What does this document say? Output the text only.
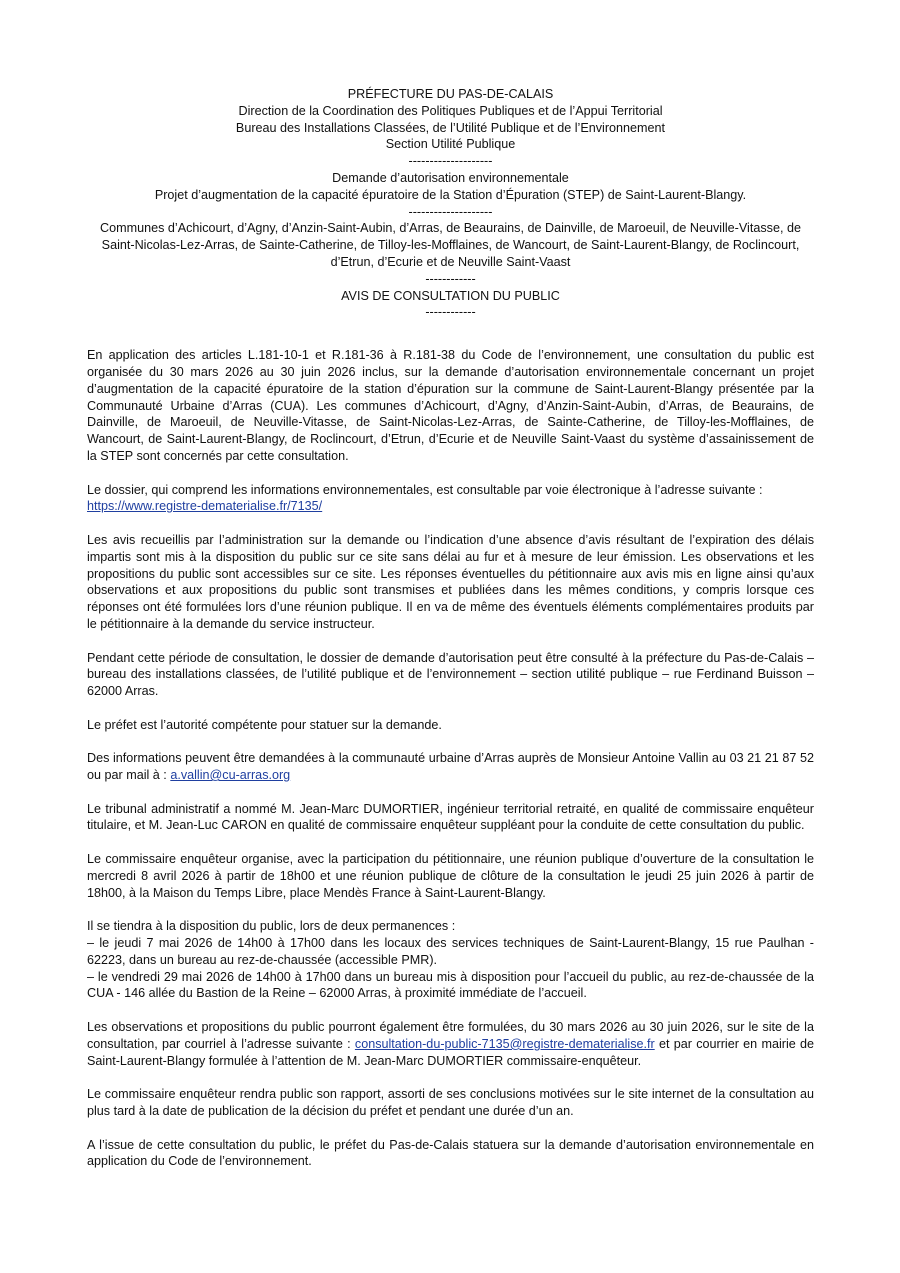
PRÉFECTURE DU PAS-DE-CALAIS
Direction de la Coordination des Politiques Publiques et de l’Appui Territorial
Bureau des Installations Classées, de l’Utilité Publique et de l’Environnement
Section Utilité Publique
--------------------
Demande d’autorisation environnementale
Projet d’augmentation de la capacité épuratoire de la Station d’Épuration (STEP) de Saint-Laurent-Blangy.
--------------------
Communes d’Achicourt, d’Agny, d’Anzin-Saint-Aubin, d’Arras, de Beaurains, de Dainville, de Maroeuil, de Neuville-Vitasse, de Saint-Nicolas-Lez-Arras, de Sainte-Catherine, de Tilloy-les-Mofflaines, de Wancourt, de Saint-Laurent-Blangy, de Roclincourt, d’Etrun, d’Ecurie et de Neuville Saint-Vaast
------------
AVIS DE CONSULTATION DU PUBLIC
------------

En application des articles L.181-10-1 et R.181-36 à R.181-38 du Code de l’environnement, une consultation du public est organisée du 30 mars 2026 au 30 juin 2026 inclus, sur la demande d’autorisation environnementale concernant un projet d’augmentation de la capacité épuratoire de la station d’épuration sur la commune de Saint-Laurent-Blangy présentée par la Communauté Urbaine d’Arras (CUA). Les communes d’Achicourt, d’Agny, d’Anzin-Saint-Aubin, d’Arras, de Beaurains, de Dainville, de Maroeuil, de Neuville-Vitasse, de Saint-Nicolas-Lez-Arras, de Sainte-Catherine, de Tilloy-les-Mofflaines, de Wancourt, de Saint-Laurent-Blangy, de Roclincourt, d’Etrun, d’Ecurie et de Neuville Saint-Vaast du système d’assainissement de la STEP sont concernés par cette consultation.

Le dossier, qui comprend les informations environnementales, est consultable par voie électronique à l’adresse suivante :
https://www.registre-dematerialise.fr/7135/

Les avis recueillis par l’administration sur la demande ou l’indication d’une absence d’avis résultant de l’expiration des délais impartis sont mis à la disposition du public sur ce site sans délai au fur et à mesure de leur émission. Les observations et les propositions du public sont accessibles sur ce site. Les réponses éventuelles du pétitionnaire aux avis mis en ligne ainsi qu’aux observations et aux propositions du public sont transmises et publiées dans les mêmes conditions, y compris lorsque ces réponses ont été formulées lors d’une réunion publique. Il en va de même des éventuels éléments complémentaires produits par le pétitionnaire à la demande du service instructeur.

Pendant cette période de consultation, le dossier de demande d’autorisation peut être consulté à la préfecture du Pas-de-Calais – bureau des installations classées, de l’utilité publique et de l’environnement – section utilité publique – rue Ferdinand Buisson – 62000 Arras.

Le préfet est l’autorité compétente pour statuer sur la demande.

Des informations peuvent être demandées à la communauté urbaine d’Arras auprès de Monsieur Antoine Vallin au 03 21 21 87 52 ou par mail à : a.vallin@cu-arras.org

Le tribunal administratif a nommé M. Jean-Marc DUMORTIER, ingénieur territorial retraité, en qualité de commissaire enquêteur titulaire, et M. Jean-Luc CARON en qualité de commissaire enquêteur suppléant pour la conduite de cette consultation du public.

Le commissaire enquêteur organise, avec la participation du pétitionnaire, une réunion publique d’ouverture de la consultation le mercredi 8 avril 2026 à partir de 18h00 et une réunion publique de clôture de la consultation le jeudi 25 juin 2026 à partir de 18h00, à la Maison du Temps Libre, place Mendès France à Saint-Laurent-Blangy.

Il se tiendra à la disposition du public, lors de deux permanences :
– le jeudi 7 mai 2026 de 14h00 à 17h00 dans les locaux des services techniques de Saint-Laurent-Blangy, 15 rue Paulhan - 62223, dans un bureau au rez-de-chaussée (accessible PMR).
– le vendredi 29 mai 2026 de 14h00 à 17h00 dans un bureau mis à disposition pour l’accueil du public, au rez-de-chaussée de la CUA - 146 allée du Bastion de la Reine – 62000 Arras, à proximité immédiate de l’accueil.

Les observations et propositions du public pourront également être formulées, du 30 mars 2026 au 30 juin 2026, sur le site de la consultation, par courriel à l’adresse suivante : consultation-du-public-7135@registre-dematerialise.fr et par courrier en mairie de Saint-Laurent-Blangy formulée à l’attention de M. Jean-Marc DUMORTIER commissaire-enquêteur.

Le commissaire enquêteur rendra public son rapport, assorti de ses conclusions motivées sur le site internet de la consultation au plus tard à la date de publication de la décision du préfet et pendant une durée d’un an.

A l’issue de cette consultation du public, le préfet du Pas-de-Calais statuera sur la demande d’autorisation environnementale en application du Code de l’environnement.
